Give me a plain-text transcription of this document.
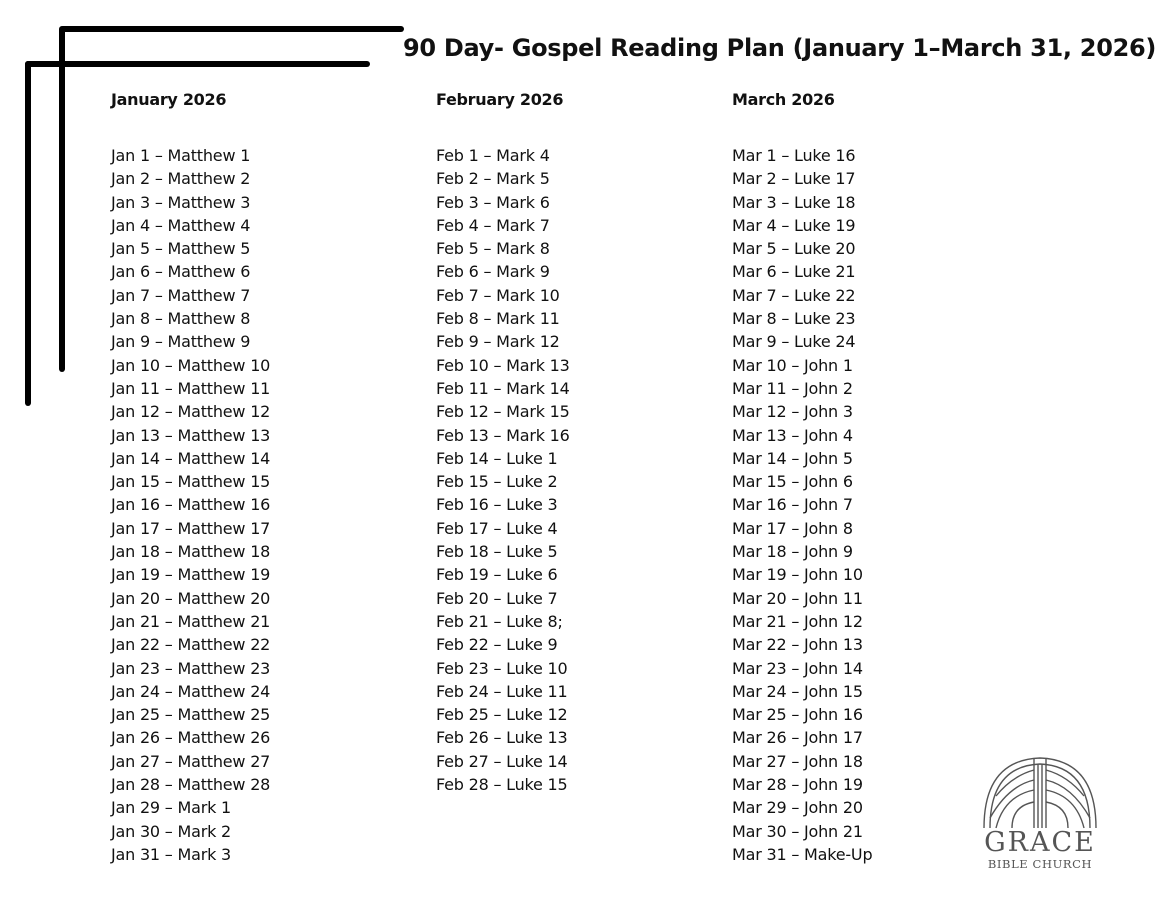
90 Day- Gospel Reading Plan (January 1–March 31, 2026)
January 2026
Jan 1 – Matthew 1
Jan 2 – Matthew 2
Jan 3 – Matthew 3
Jan 4 – Matthew 4
Jan 5 – Matthew 5
Jan 6 – Matthew 6
Jan 7 – Matthew 7
Jan 8 – Matthew 8
Jan 9 – Matthew 9
Jan 10 – Matthew 10
Jan 11 – Matthew 11
Jan 12 – Matthew 12
Jan 13 – Matthew 13
Jan 14 – Matthew 14
Jan 15 – Matthew 15
Jan 16 – Matthew 16
Jan 17 – Matthew 17
Jan 18 – Matthew 18
Jan 19 – Matthew 19
Jan 20 – Matthew 20
Jan 21 – Matthew 21
Jan 22 – Matthew 22
Jan 23 – Matthew 23
Jan 24 – Matthew 24
Jan 25 – Matthew 25
Jan 26 – Matthew 26
Jan 27 – Matthew 27
Jan 28 – Matthew 28
Jan 29 – Mark 1
Jan 30 – Mark 2
Jan 31 – Mark 3
February 2026
Feb 1 – Mark 4
Feb 2 – Mark 5
Feb 3 – Mark 6
Feb 4 – Mark 7
Feb 5 – Mark 8
Feb 6 – Mark 9
Feb 7 – Mark 10
Feb 8 – Mark 11
Feb 9 – Mark 12
Feb 10 – Mark 13
Feb 11 – Mark 14
Feb 12 – Mark 15
Feb 13 – Mark 16
Feb 14 – Luke 1
Feb 15 – Luke 2
Feb 16 – Luke 3
Feb 17 – Luke 4
Feb 18 – Luke 5
Feb 19 – Luke 6
Feb 20 – Luke 7
Feb 21 – Luke 8;
Feb 22 – Luke 9
Feb 23 – Luke 10
Feb 24 – Luke 11
Feb 25 – Luke 12
Feb 26 – Luke 13
Feb 27 – Luke 14
Feb 28 – Luke 15
March 2026
Mar 1 – Luke 16
Mar 2 – Luke 17
Mar 3 – Luke 18
Mar 4 – Luke 19
Mar 5 – Luke 20
Mar 6 – Luke 21
Mar 7 – Luke 22
Mar 8 – Luke 23
Mar 9 – Luke 24
Mar 10 – John 1
Mar 11 – John 2
Mar 12 – John 3
Mar 13 – John 4
Mar 14 – John 5
Mar 15 – John 6
Mar 16 – John 7
Mar 17 – John 8
Mar 18 – John 9
Mar 19 – John 10
Mar 20 – John 11
Mar 21 – John 12
Mar 22 – John 13
Mar 23 – John 14
Mar 24 – John 15
Mar 25 – John 16
Mar 26 – John 17
Mar 27 – John 18
Mar 28 – John 19
Mar 29 – John 20
Mar 30 – John 21
Mar 31 – Make-Up	GRACE
BIBLE CHURCH
